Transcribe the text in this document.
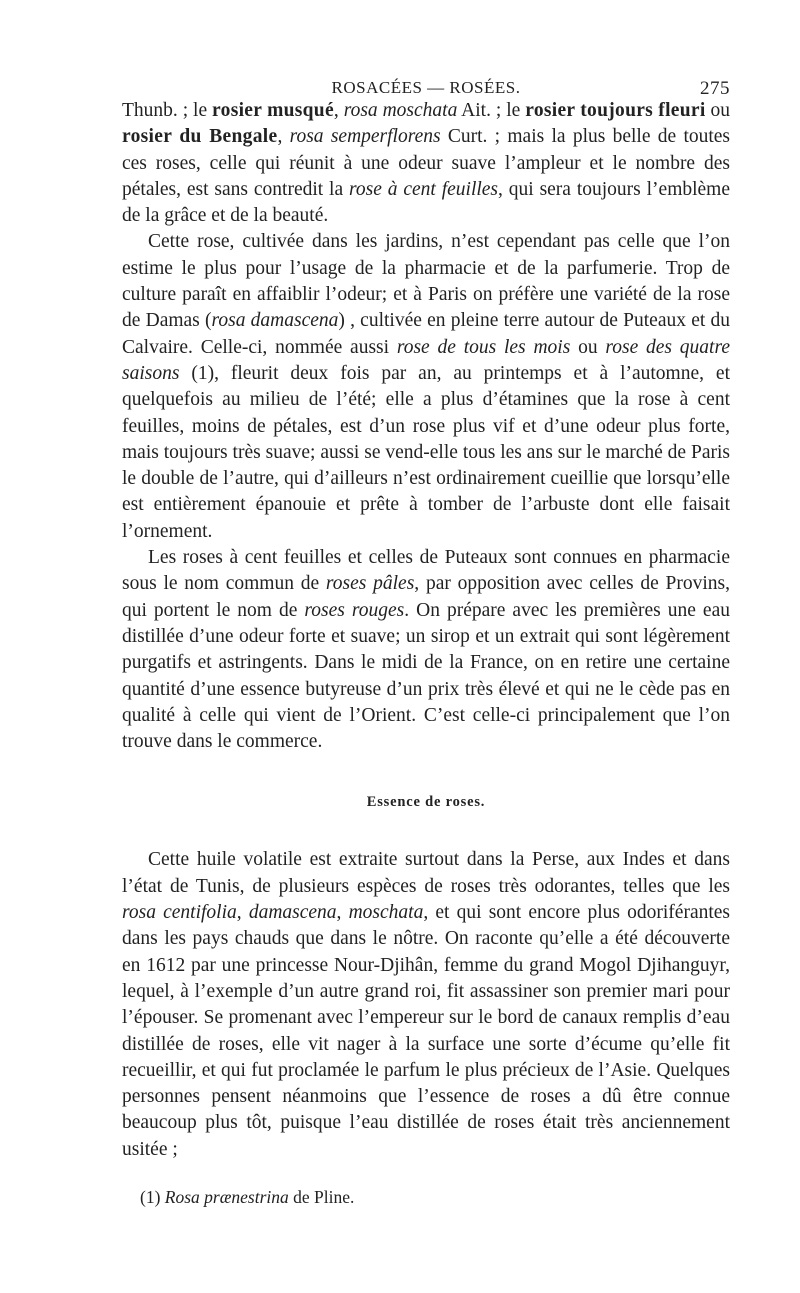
ROSACÉES — ROSÉES.	275

Thunb. ; le rosier musqué, rosa moschata Ait. ; le rosier toujours fleuri ou rosier du Bengale, rosa semperflorens Curt. ; mais la plus belle de toutes ces roses, celle qui réunit à une odeur suave l’ampleur et le nombre des pétales, est sans contredit la rose à cent feuilles, qui sera toujours l’emblème de la grâce et de la beauté.

Cette rose, cultivée dans les jardins, n’est cependant pas celle que l’on estime le plus pour l’usage de la pharmacie et de la parfumerie. Trop de culture paraît en affaiblir l’odeur; et à Paris on préfère une variété de la rose de Damas (rosa damascena) , cultivée en pleine terre autour de Puteaux et du Calvaire. Celle-ci, nommée aussi rose de tous les mois ou rose des quatre saisons (1), fleurit deux fois par an, au printemps et à l’automne, et quelquefois au milieu de l’été; elle a plus d’étamines que la rose à cent feuilles, moins de pétales, est d’un rose plus vif et d’une odeur plus forte, mais toujours très suave; aussi se vend-elle tous les ans sur le marché de Paris le double de l’autre, qui d’ailleurs n’est ordinairement cueillie que lorsqu’elle est entièrement épanouie et prête à tomber de l’arbuste dont elle faisait l’ornement.

Les roses à cent feuilles et celles de Puteaux sont connues en pharmacie sous le nom commun de roses pâles, par opposition avec celles de Provins, qui portent le nom de roses rouges. On prépare avec les premières une eau distillée d’une odeur forte et suave; un sirop et un extrait qui sont légèrement purgatifs et astringents. Dans le midi de la France, on en retire une certaine quantité d’une essence butyreuse d’un prix très élevé et qui ne le cède pas en qualité à celle qui vient de l’Orient. C’est celle-ci principalement que l’on trouve dans le commerce.

Essence de roses.

Cette huile volatile est extraite surtout dans la Perse, aux Indes et dans l’état de Tunis, de plusieurs espèces de roses très odorantes, telles que les rosa centifolia, damascena, moschata, et qui sont encore plus odoriférantes dans les pays chauds que dans le nôtre. On raconte qu’elle a été découverte en 1612 par une princesse Nour-Djihân, femme du grand Mogol Djihanguyr, lequel, à l’exemple d’un autre grand roi, fit assassiner son premier mari pour l’épouser. Se promenant avec l’empereur sur le bord de canaux remplis d’eau distillée de roses, elle vit nager à la surface une sorte d’écume qu’elle fit recueillir, et qui fut proclamée le parfum le plus précieux de l’Asie. Quelques personnes pensent néanmoins que l’essence de roses a dû être connue beaucoup plus tôt, puisque l’eau distillée de roses était très anciennement usitée ;

(1) Rosa prænestrina de Pline.
